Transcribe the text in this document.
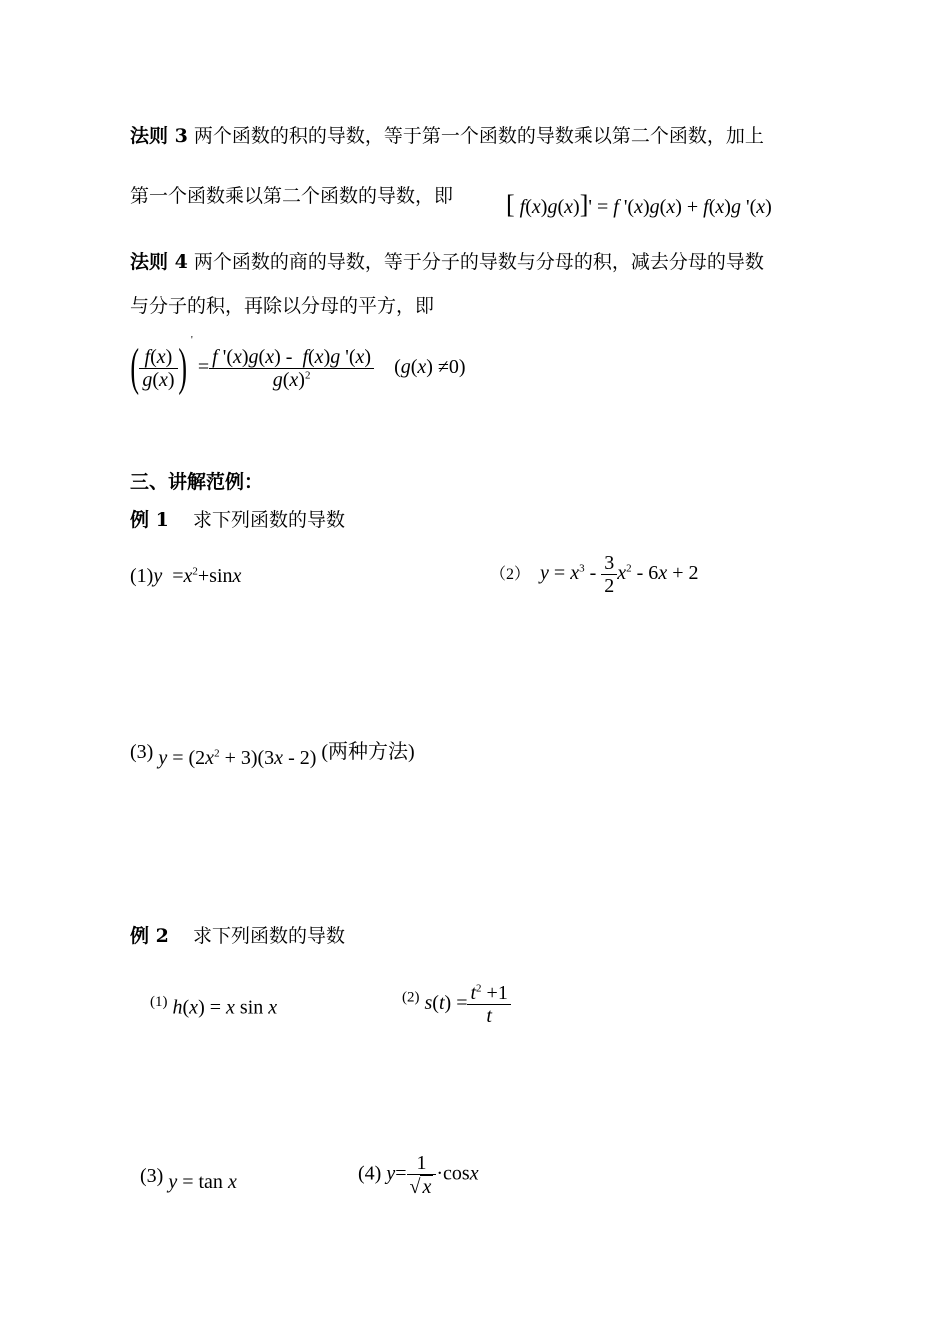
法则 3 两个函数的积的导数，等于第一个函数的导数乘以第二个函数，加上
第一个函数乘以第二个函数的导数，即 [ f(x)g(x)]' = f '(x)g(x) + f(x)g '(x)
法则 4 两个函数的商的导数，等于分子的导数与分母的积，减去分母的导数
与分子的积，再除以分母的平方，即
( $\frac{f(x)}{g(x)}$ ) $' = \frac{f '(x)g(x) - f(x)g '(x)}{g(x)^2} (g(x) \ne 0)$
三、讲解范例：
例 1 求下列函数的导数
$(1)y =x^2+\sin x$	（2） $y = x^3 - \frac{3}{2} x^2 - 6x + 2$
(3) $y = (2x^2 + 3)(3x - 2)$ (两种方法)
例 2 求下列函数的导数
$^{(1)}$ h(x) = x sin x	$^{(2)}$ $s(t) = \frac{t^2 +1}{t}$
(3) y = tan x	(4) $y= \frac{1}{√ x} \cdot\cos x$
